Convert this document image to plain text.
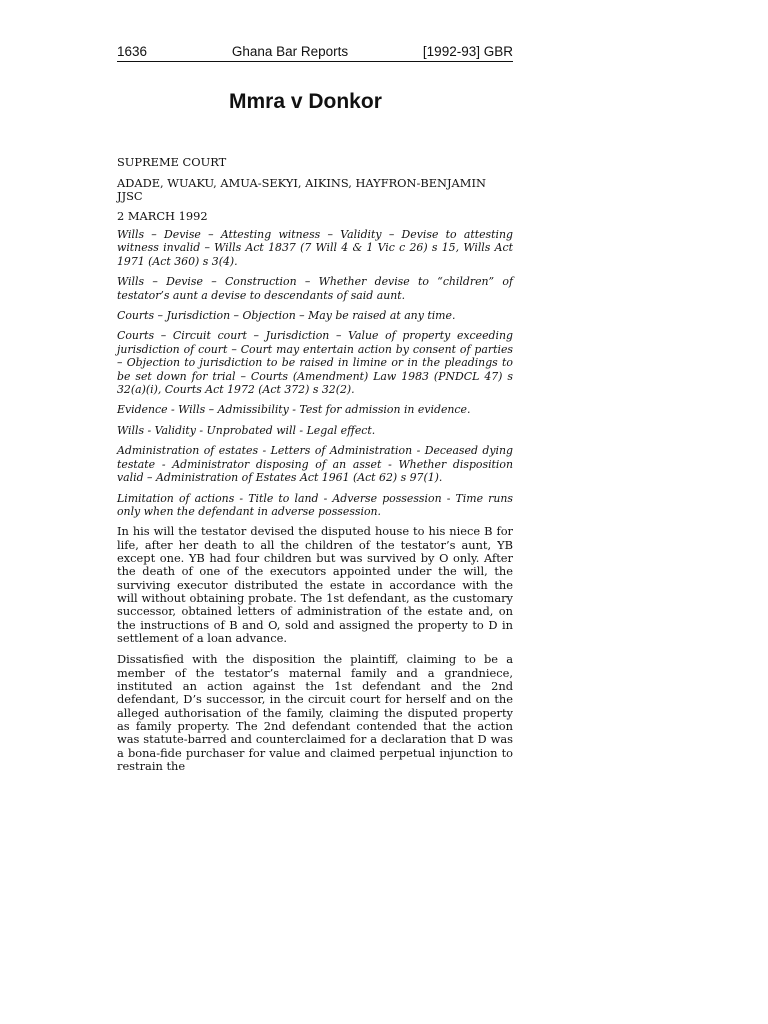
1636	Ghana Bar Reports	[1992-93] GBR
Mmra v Donkor

SUPREME COURT

ADADE, WUAKU, AMUA-SEKYI, AIKINS, HAYFRON-BENJAMIN JJSC

2 MARCH 1992

Wills – Devise – Attesting witness – Validity – Devise to attesting witness invalid – Wills Act 1837 (7 Will 4 & 1 Vic c 26) s 15, Wills Act 1971 (Act 360) s 3(4).

Wills – Devise – Construction – Whether devise to “children” of testator’s aunt a devise to descendants of said aunt.

Courts – Jurisdiction – Objection – May be raised at any time.

Courts – Circuit court – Jurisdiction – Value of property exceeding jurisdiction of court – Court may entertain action by consent of parties – Objection to jurisdiction to be raised in limine or in the pleadings to be set down for trial – Courts (Amendment) Law 1983 (PNDCL 47) s 32(a)(i), Courts Act 1972 (Act 372) s 32(2).

Evidence - Wills – Admissibility - Test for admission in evidence.

Wills - Validity - Unprobated will - Legal effect.

Administration of estates - Letters of Administration - Deceased dying testate - Administrator disposing of an asset - Whether disposition valid – Administration of Estates Act 1961 (Act 62) s 97(1).

Limitation of actions - Title to land - Adverse possession - Time runs only when the defendant in adverse possession.

In his will the testator devised the disputed house to his niece B for life, after her death to all the children of the testator’s aunt, YB except one. YB had four children but was survived by O only. After the death of one of the executors appointed under the will, the surviving executor distributed the estate in accordance with the will without obtaining probate. The 1st defendant, as the customary successor, obtained letters of administration of the estate and, on the instructions of B and O, sold and assigned the property to D in settlement of a loan advance.

Dissatisfied with the disposition the plaintiff, claiming to be a member of the testator’s maternal family and a grandniece, instituted an action against the 1st defendant and the 2nd defendant, D’s successor, in the circuit court for herself and on the alleged authorisation of the family, claiming the disputed property as family property. The 2nd defendant contended that the action was statute-barred and counterclaimed for a declaration that D was a bona-fide purchaser for value and claimed perpetual injunction to restrain the
